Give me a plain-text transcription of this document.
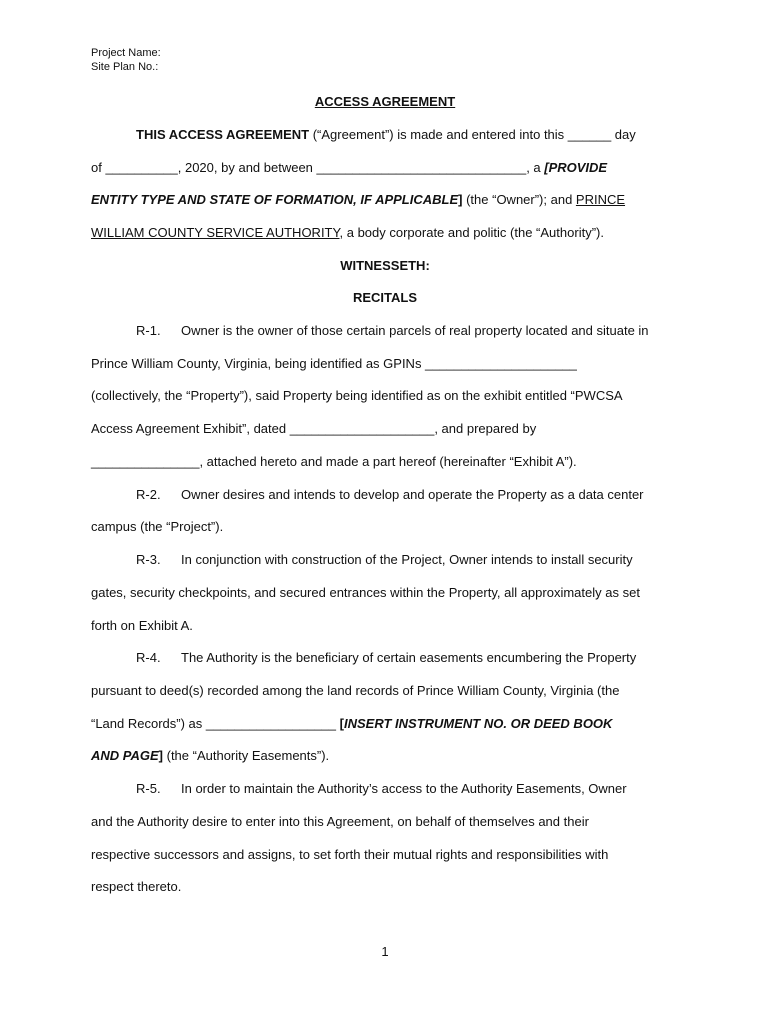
Project Name:
Site Plan No.:
ACCESS AGREEMENT
THIS ACCESS AGREEMENT (“Agreement”) is made and entered into this ______ day
of __________, 2020, by and between _____________________________, a [PROVIDE
ENTITY TYPE AND STATE OF FORMATION, IF APPLICABLE] (the “Owner”); and PRINCE
WILLIAM COUNTY SERVICE AUTHORITY, a body corporate and politic (the “Authority”).
WITNESSETH:
RECITALS
R-1. Owner is the owner of those certain parcels of real property located and situate in
Prince William County, Virginia, being identified as GPINs _____________________
(collectively, the “Property”), said Property being identified as on the exhibit entitled “PWCSA
Access Agreement Exhibit”, dated ____________________, and prepared by
_______________, attached hereto and made a part hereof (hereinafter “Exhibit A”).
R-2. Owner desires and intends to develop and operate the Property as a data center
campus (the “Project”).
R-3. In conjunction with construction of the Project, Owner intends to install security
gates, security checkpoints, and secured entrances within the Property, all approximately as set
forth on Exhibit A.
R-4. The Authority is the beneficiary of certain easements encumbering the Property
pursuant to deed(s) recorded among the land records of Prince William County, Virginia (the
“Land Records”) as __________________ [INSERT INSTRUMENT NO. OR DEED BOOK
AND PAGE] (the “Authority Easements”).
R-5. In order to maintain the Authority’s access to the Authority Easements, Owner
and the Authority desire to enter into this Agreement, on behalf of themselves and their
respective successors and assigns, to set forth their mutual rights and responsibilities with
respect thereto.
1
